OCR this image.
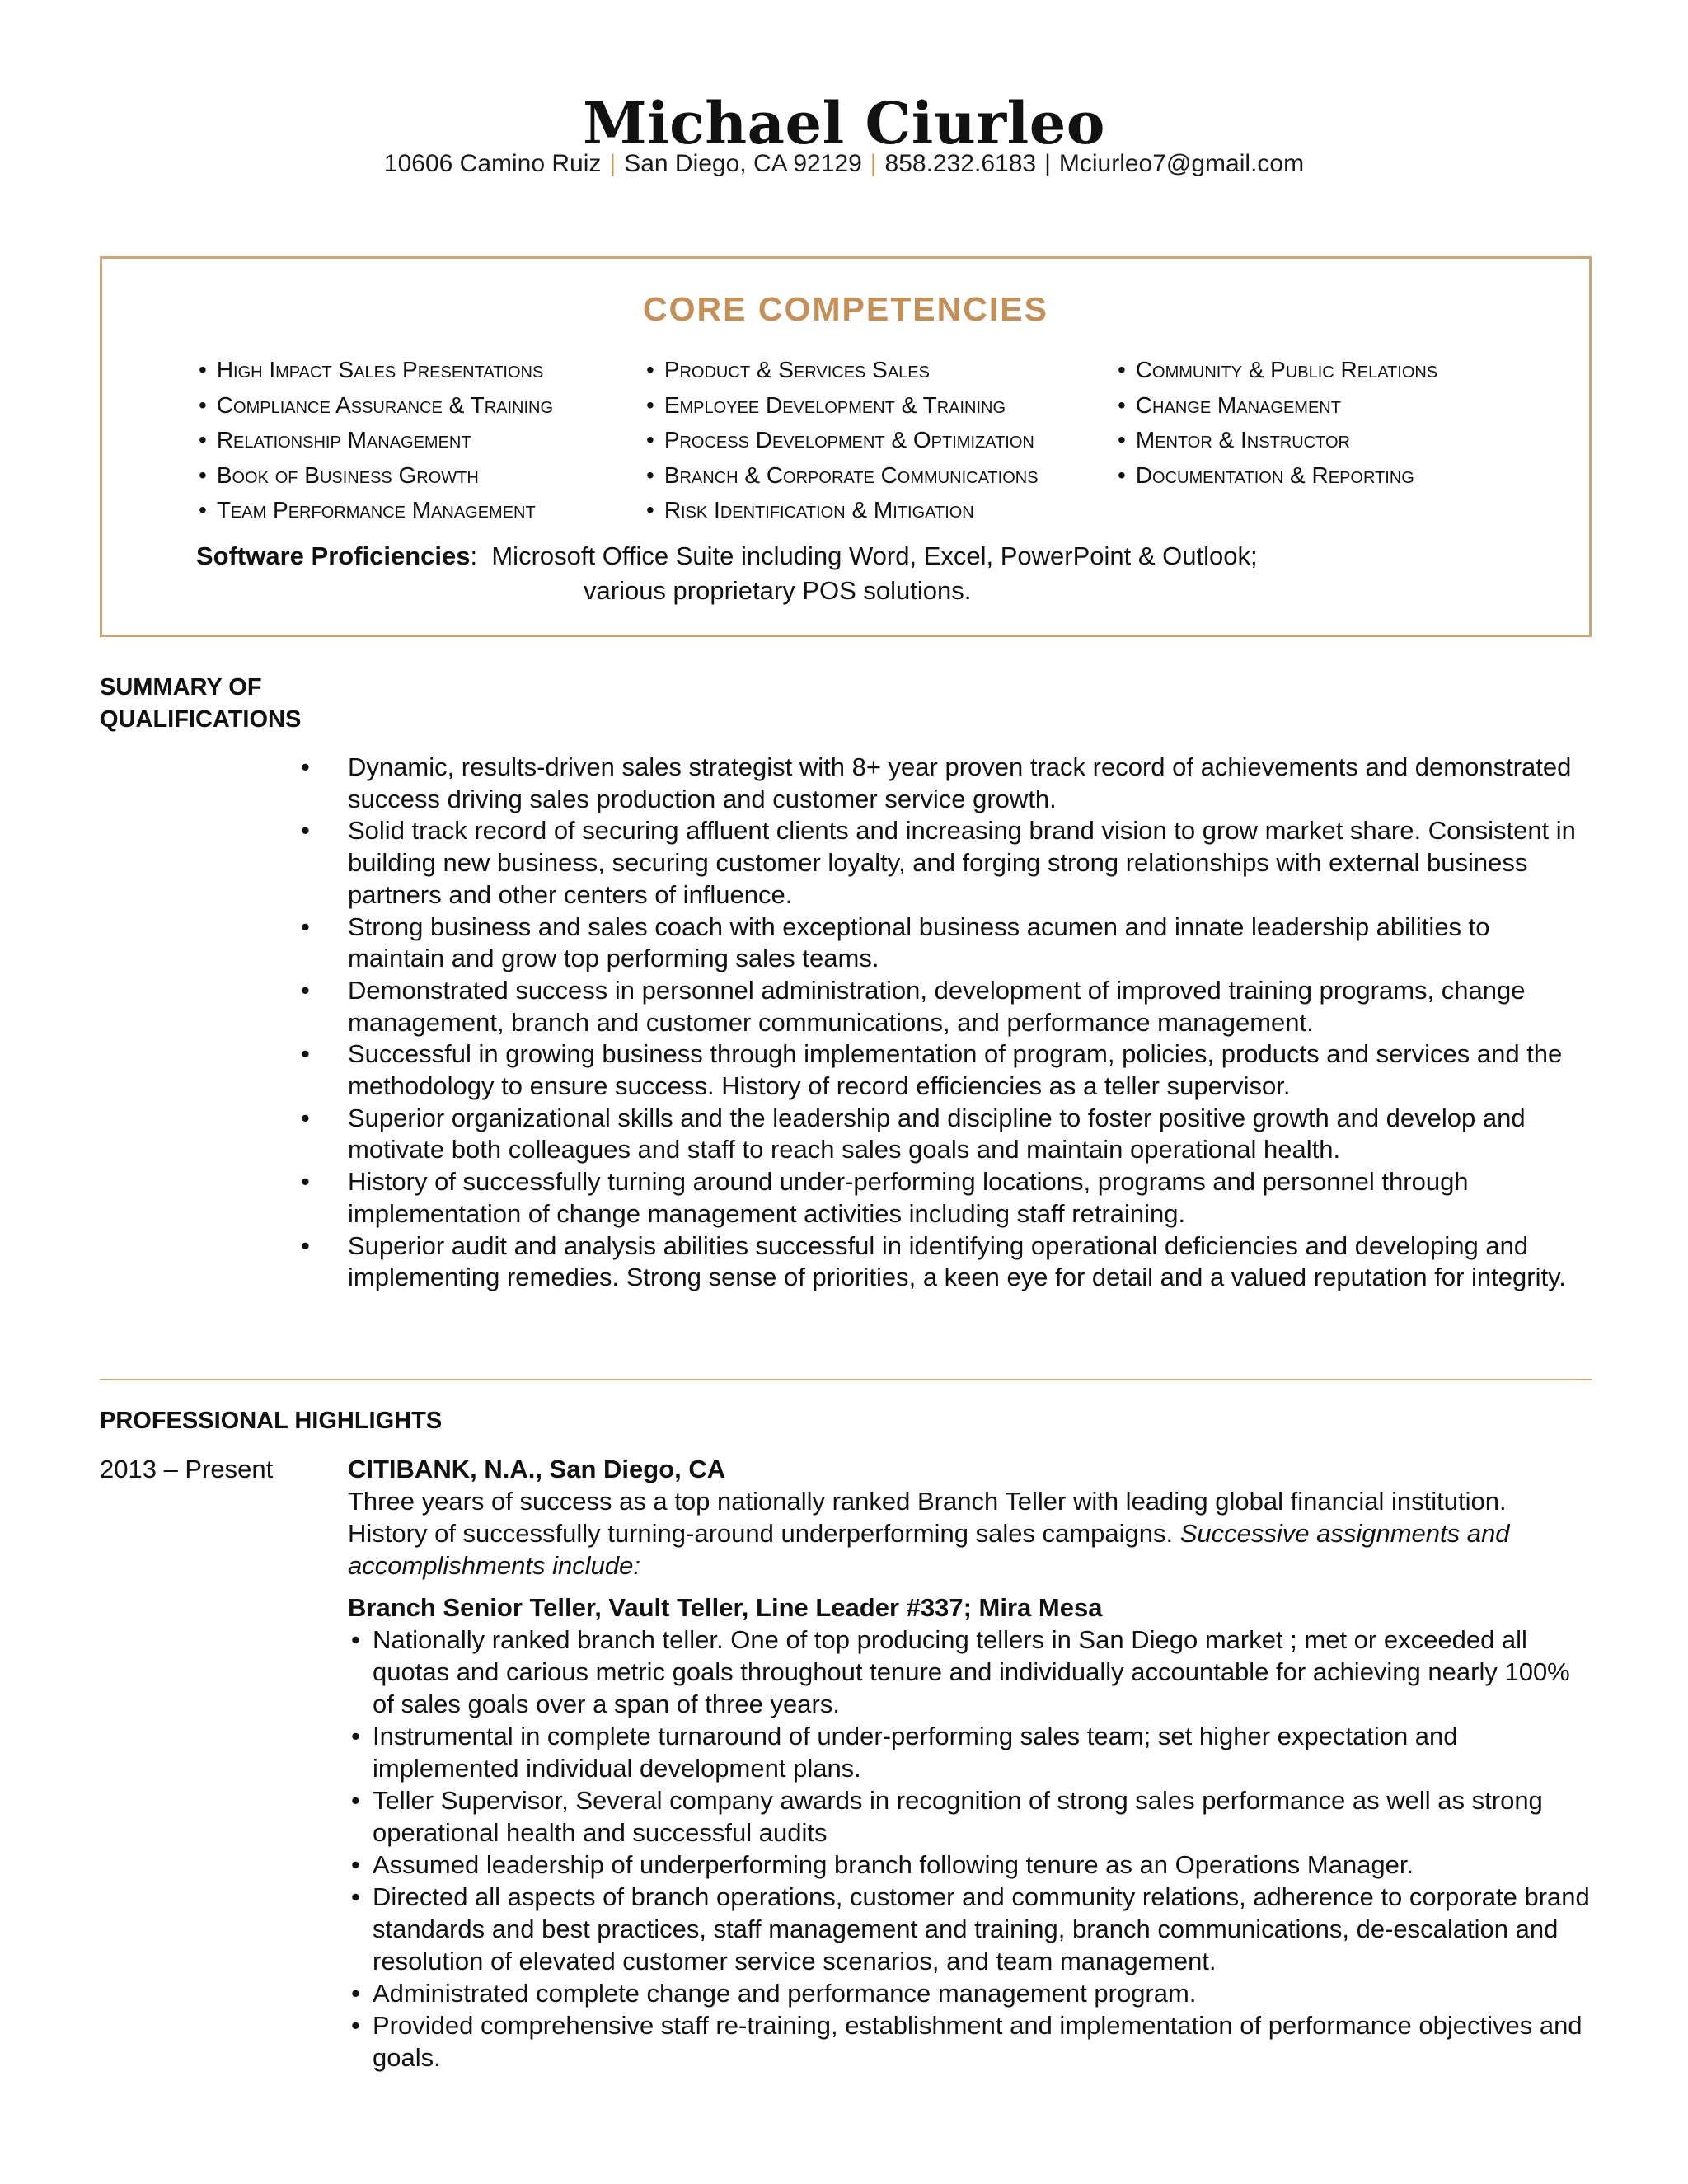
Michael Ciurleo
10606 Camino Ruiz | San Diego, CA 92129 | 858.232.6183 | Mciurleo7@gmail.com
CORE COMPETENCIES
• High Impact Sales Presentations
• Compliance Assurance & Training
• Relationship Management
• Book of Business Growth
• Team Performance Management
• Product & Services Sales
• Employee Development & Training
• Process Development & Optimization
• Branch & Corporate Communications
• Risk Identification & Mitigation
• Community & Public Relations
• Change Management
• Mentor & Instructor
• Documentation & Reporting
Software Proficiencies:  Microsoft Office Suite including Word, Excel, PowerPoint & Outlook;
various proprietary POS solutions.
SUMMARY OF QUALIFICATIONS
• Dynamic, results-driven sales strategist with 8+ year proven track record of achievements and demonstrated success driving sales production and customer service growth.
• Solid track record of securing affluent clients and increasing brand vision to grow market share. Consistent in building new business, securing customer loyalty, and forging strong relationships with external business partners and other centers of influence.
• Strong business and sales coach with exceptional business acumen and innate leadership abilities to maintain and grow top performing sales teams.
• Demonstrated success in personnel administration, development of improved training programs, change management, branch and customer communications, and performance management.
• Successful in growing business through implementation of program, policies, products and services and the methodology to ensure success. History of record efficiencies as a teller supervisor.
• Superior organizational skills and the leadership and discipline to foster positive growth and develop and motivate both colleagues and staff to reach sales goals and maintain operational health.
• History of successfully turning around under-performing locations, programs and personnel through implementation of change management activities including staff retraining.
• Superior audit and analysis abilities successful in identifying operational deficiencies and developing and implementing remedies. Strong sense of priorities, a keen eye for detail and a valued reputation for integrity.
PROFESSIONAL HIGHLIGHTS
2013 – Present	CITIBANK, N.A., San Diego, CA

Three years of success as a top nationally ranked Branch Teller with leading global financial institution. History of successfully turning-around underperforming sales campaigns. Successive assignments and accomplishments include:

Branch Senior Teller, Vault Teller, Line Leader #337; Mira Mesa
• Nationally ranked branch teller. One of top producing tellers in San Diego market ; met or exceeded all quotas and carious metric goals throughout tenure and individually accountable for achieving nearly 100% of sales goals over a span of three years.
• Instrumental in complete turnaround of under-performing sales team; set higher expectation and implemented individual development plans.
• Teller Supervisor, Several company awards in recognition of strong sales performance as well as strong operational health and successful audits
• Assumed leadership of underperforming branch following tenure as an Operations Manager.
• Directed all aspects of branch operations, customer and community relations, adherence to corporate brand standards and best practices, staff management and training, branch communications, de-escalation and resolution of elevated customer service scenarios, and team management.
• Administrated complete change and performance management program.
• Provided comprehensive staff re-training, establishment and implementation of performance objectives and goals.
